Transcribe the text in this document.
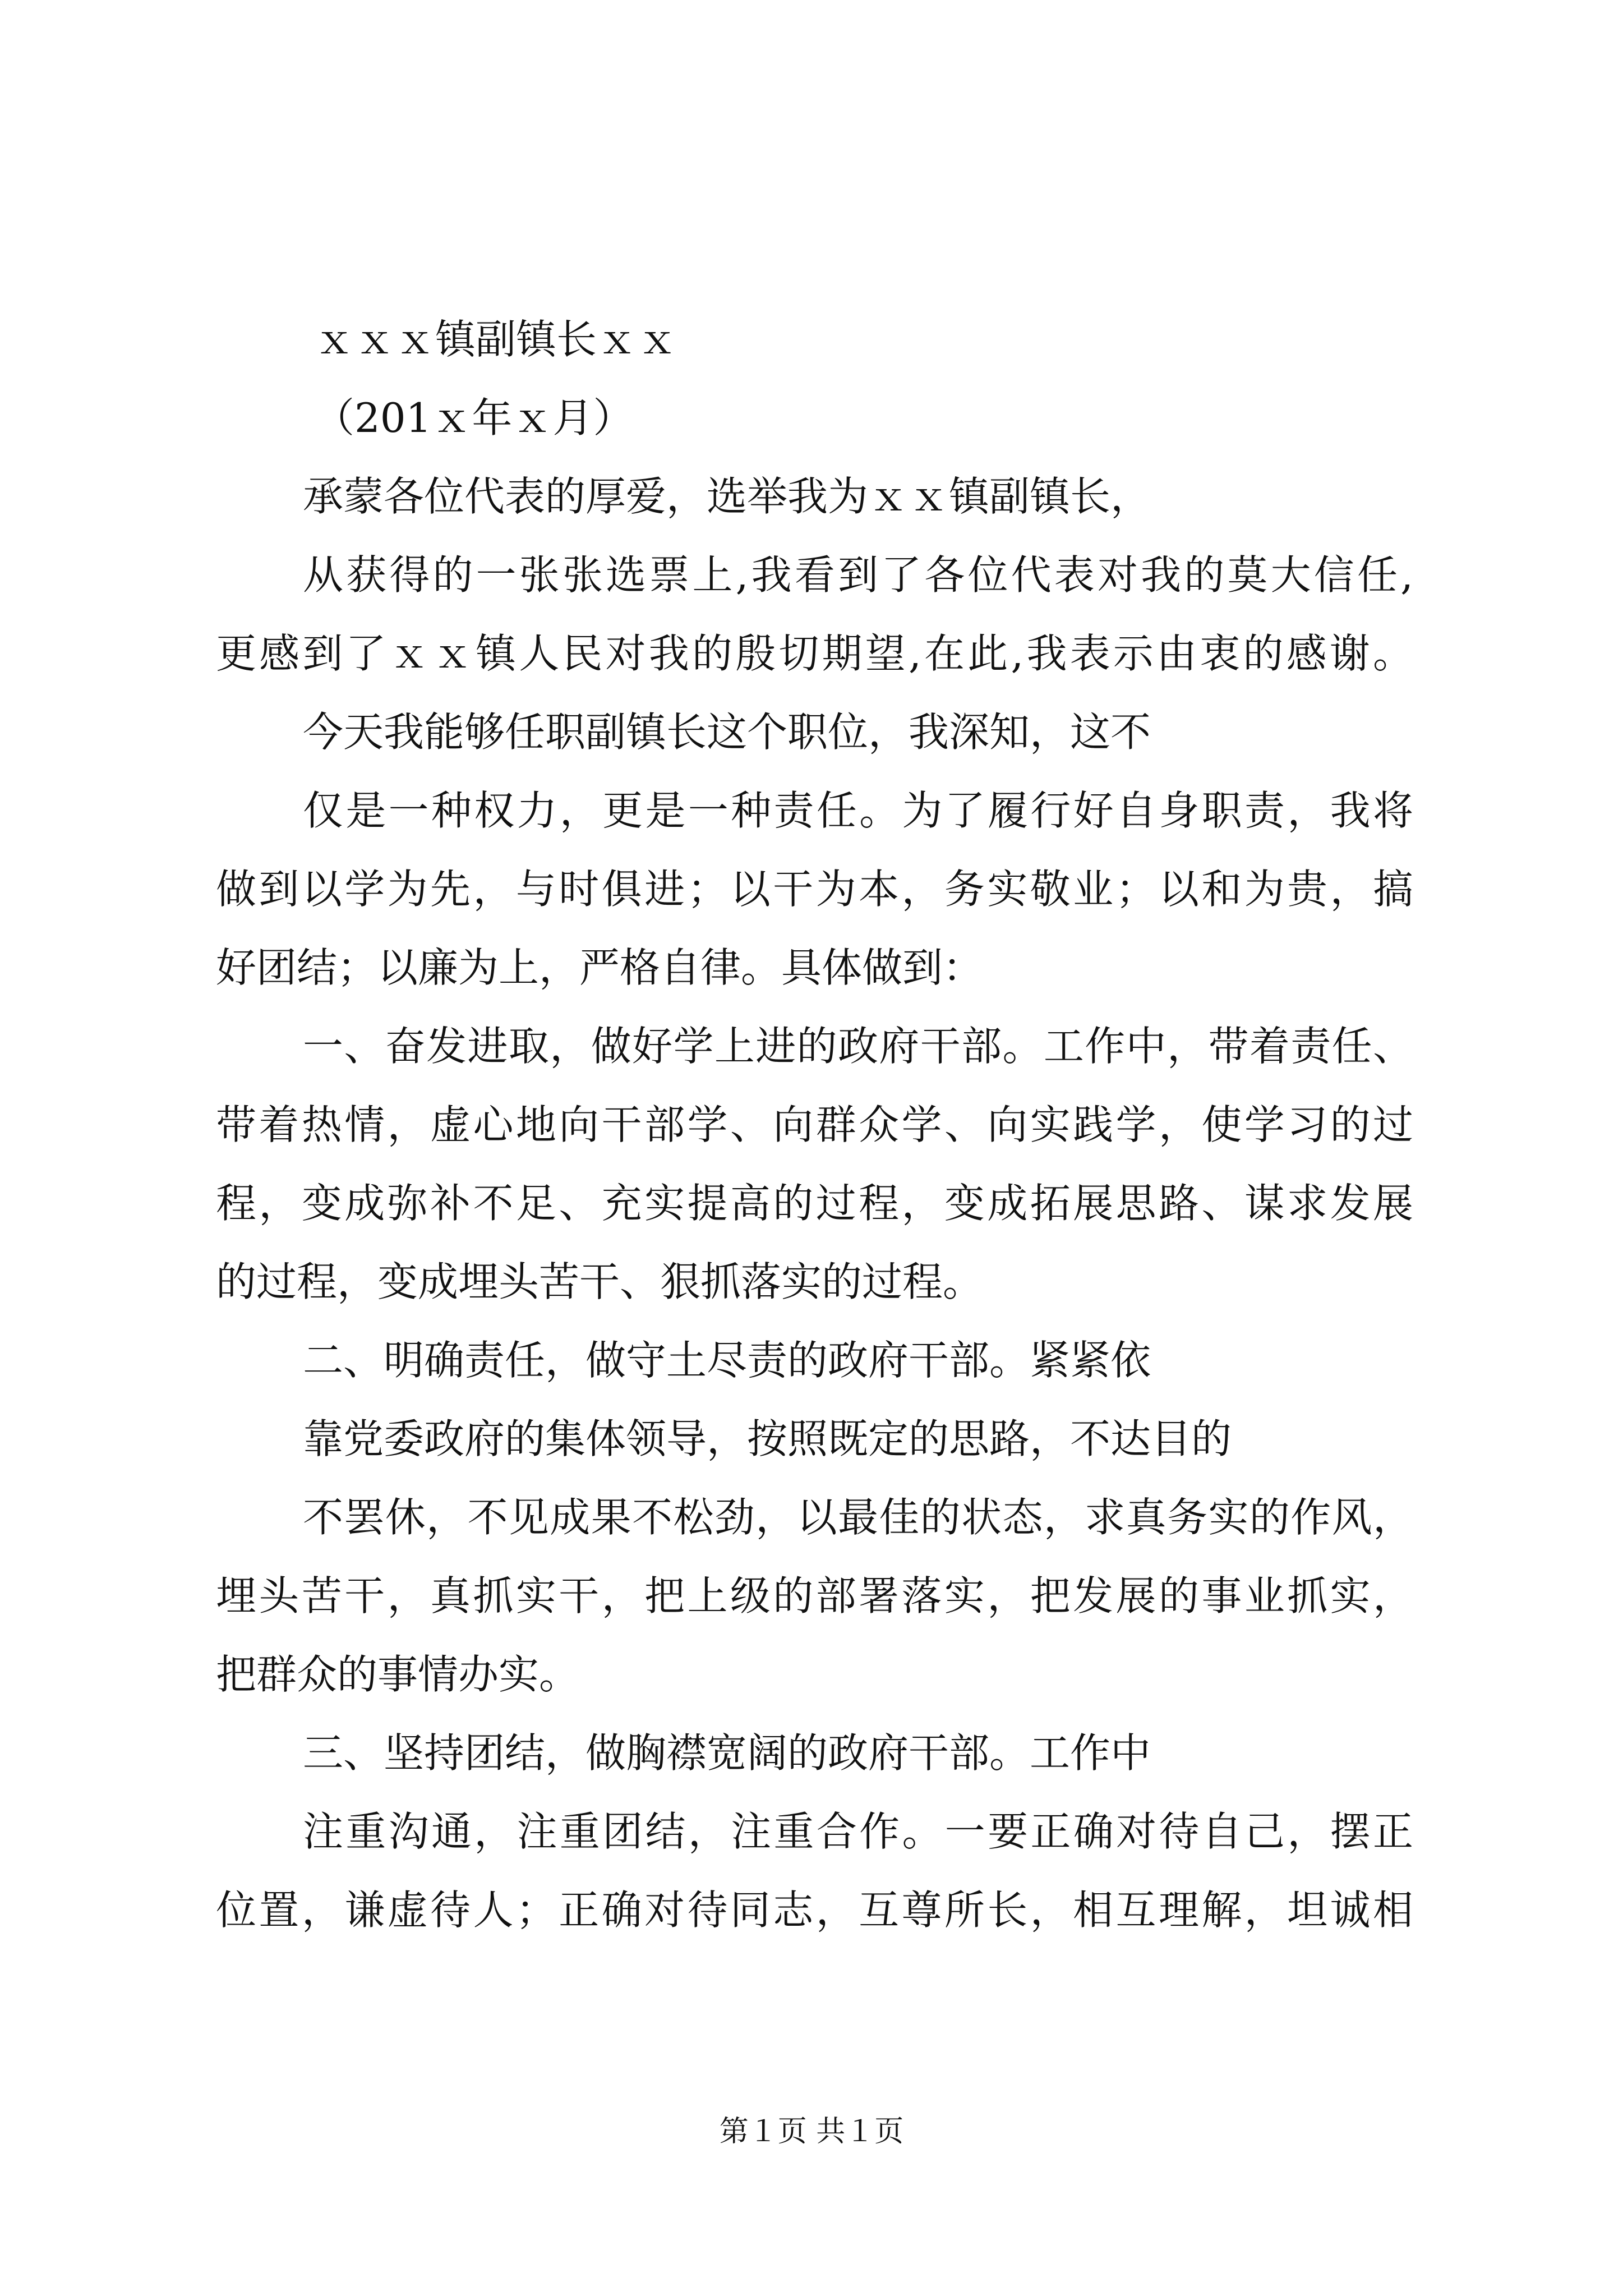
ｘｘｘ镇副镇长ｘｘ
（201ｘ年ｘ月）
承蒙各位代表的厚爱，选举我为ｘｘ镇副镇长，
从获得的一张张选票上,我看到了各位代表对我的莫大信任,
更感到了ｘｘ镇人民对我的殷切期望,在此,我表示由衷的感谢。
今天我能够任职副镇长这个职位，我深知，这不
仅是一种权力，更是一种责任。为了履行好自身职责，我将
做到以学为先，与时俱进；以干为本，务实敬业；以和为贵，搞
好团结；以廉为上，严格自律。具体做到：
一、奋发进取，做好学上进的政府干部。工作中，带着责任、
带着热情，虚心地向干部学、向群众学、向实践学，使学习的过
程，变成弥补不足、充实提高的过程，变成拓展思路、谋求发展
的过程，变成埋头苦干、狠抓落实的过程。
二、明确责任，做守土尽责的政府干部。紧紧依
靠党委政府的集体领导，按照既定的思路，不达目的
不罢休，不见成果不松劲，以最佳的状态，求真务实的作风，
埋头苦干，真抓实干，把上级的部署落实，把发展的事业抓实，
把群众的事情办实。
三、坚持团结，做胸襟宽阔的政府干部。工作中
注重沟通，注重团结，注重合作。一要正确对待自己，摆正
位置，谦虚待人；正确对待同志，互尊所长，相互理解，坦诚相
第１页 共１页
